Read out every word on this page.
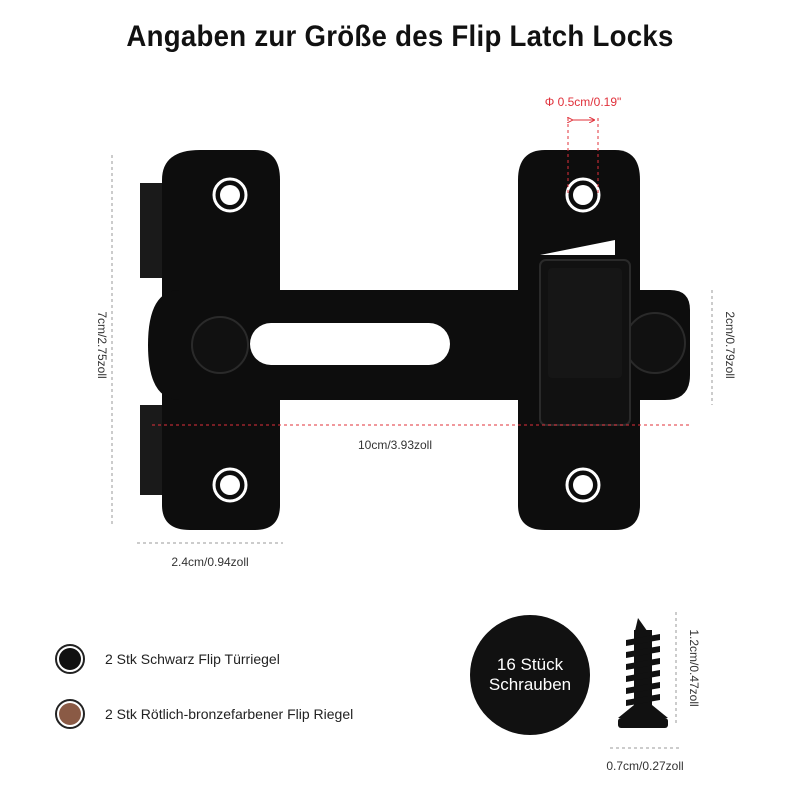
Angaben zur Größe des Flip Latch Locks
Φ 0.5cm/0.19"
7cm/2.75zoll	2cm/0.79zoll
10cm/3.93zoll
2.4cm/0.94zoll
1.2cm/0.47zoll
0.7cm/0.27zoll
2 Stk Schwarz Flip Türriegel
2 Stk Rötlich-bronzefarbener Flip Riegel
16 Stück
Schrauben
